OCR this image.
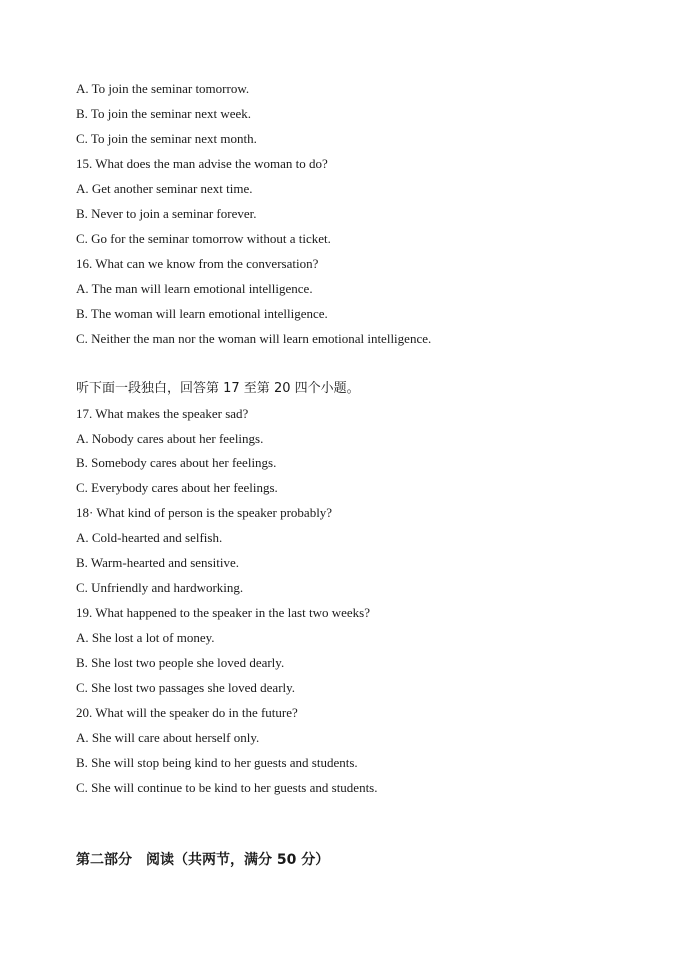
A. To join the seminar tomorrow.
B. To join the seminar next week.
C. To join the seminar next month.
15. What does the man advise the woman to do?
A. Get another seminar next time.
B. Never to join a seminar forever.
C. Go for the seminar tomorrow without a ticket.
16. What can we know from the conversation?
A. The man will learn emotional intelligence.
B. The woman will learn emotional intelligence.
C. Neither the man nor the woman will learn emotional intelligence.
听下面一段独白，回答第 17 至第 20 四个小题。
17. What makes the speaker sad?
A. Nobody cares about her feelings.
B. Somebody cares about her feelings.
C. Everybody cares about her feelings.
18· What kind of person is the speaker probably?
A. Cold-hearted and selfish.
B. Warm-hearted and sensitive.
C. Unfriendly and hardworking.
19. What happened to the speaker in the last two weeks?
A. She lost a lot of money.
B. She lost two people she loved dearly.
C. She lost two passages she loved dearly.
20. What will the speaker do in the future?
A. She will care about herself only.
B. She will stop being kind to her guests and students.
C. She will continue to be kind to her guests and students.
第二部分　阅读（共两节，满分 50 分）
